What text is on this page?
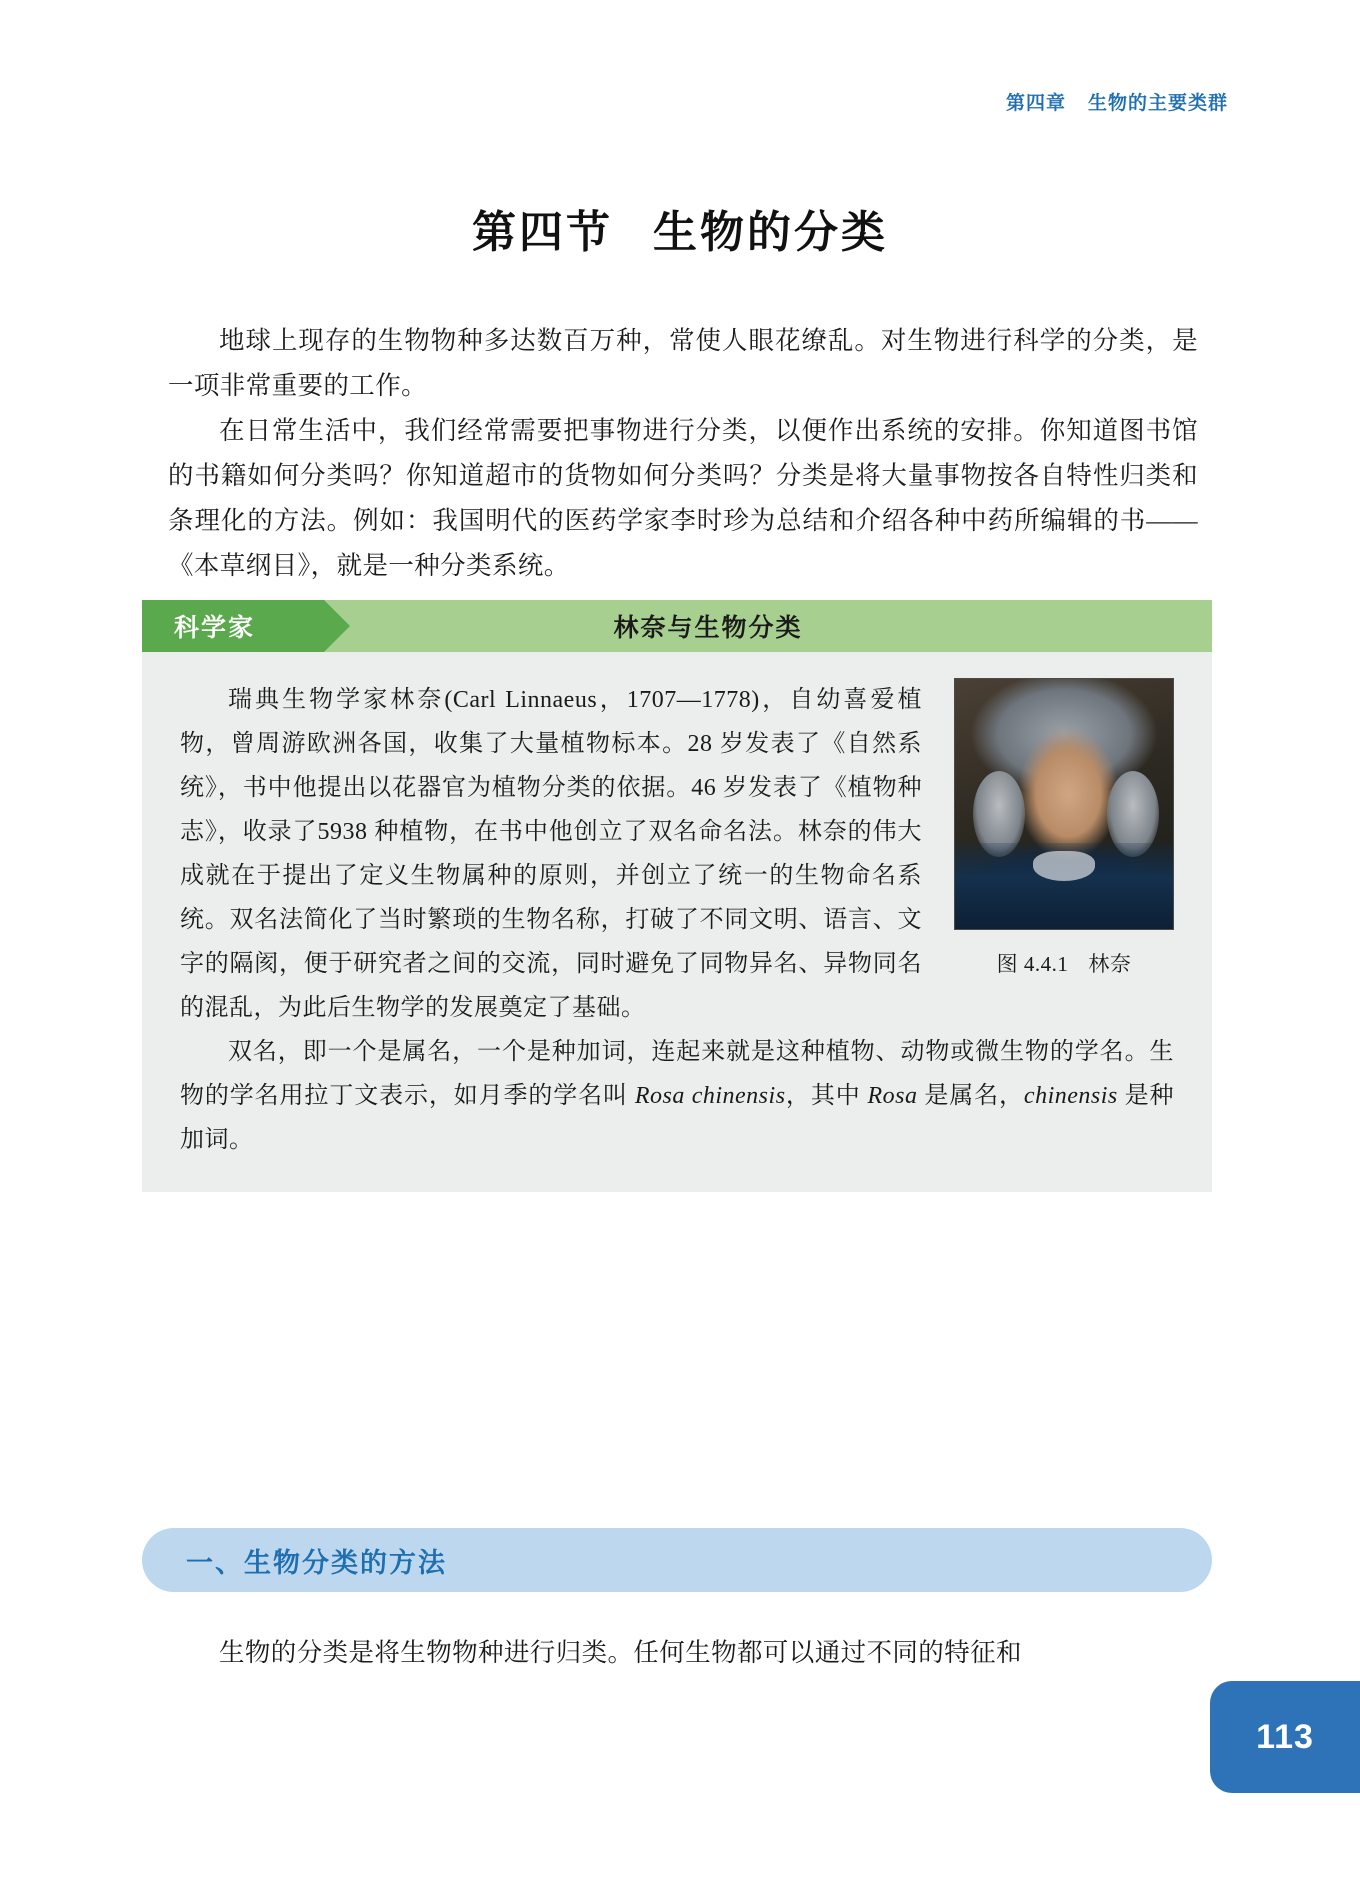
第四章 生物的主要类群
第四节 生物的分类

地球上现存的生物物种多达数百万种，常使人眼花缭乱。对生物进行科学的分类，是一项非常重要的工作。

在日常生活中，我们经常需要把事物进行分类，以便作出系统的安排。你知道图书馆的书籍如何分类吗？你知道超市的货物如何分类吗？分类是将大量事物按各自特性归类和条理化的方法。例如：我国明代的医药学家李时珍为总结和介绍各种中药所编辑的书——《本草纲目》，就是一种分类系统。

科学家	林奈与生物分类
图 4.4.1 林奈

瑞典生物学家林奈(Carl Linnaeus，1707—1778)，自幼喜爱植物，曾周游欧洲各国，收集了大量植物标本。28 岁发表了《自然系统》，书中他提出以花器官为植物分类的依据。46 岁发表了《植物种志》，收录了5938 种植物，在书中他创立了双名命名法。林奈的伟大成就在于提出了定义生物属种的原则，并创立了统一的生物命名系统。双名法简化了当时繁琐的生物名称，打破了不同文明、语言、文字的隔阂，便于研究者之间的交流，同时避免了同物异名、异物同名的混乱，为此后生物学的发展奠定了基础。

双名，即一个是属名，一个是种加词，连起来就是这种植物、动物或微生物的学名。生物的学名用拉丁文表示，如月季的学名叫 Rosa chinensis，其中 Rosa 是属名，chinensis 是种加词。

一、生物分类的方法

生物的分类是将生物物种进行归类。任何生物都可以通过不同的特征和

113
